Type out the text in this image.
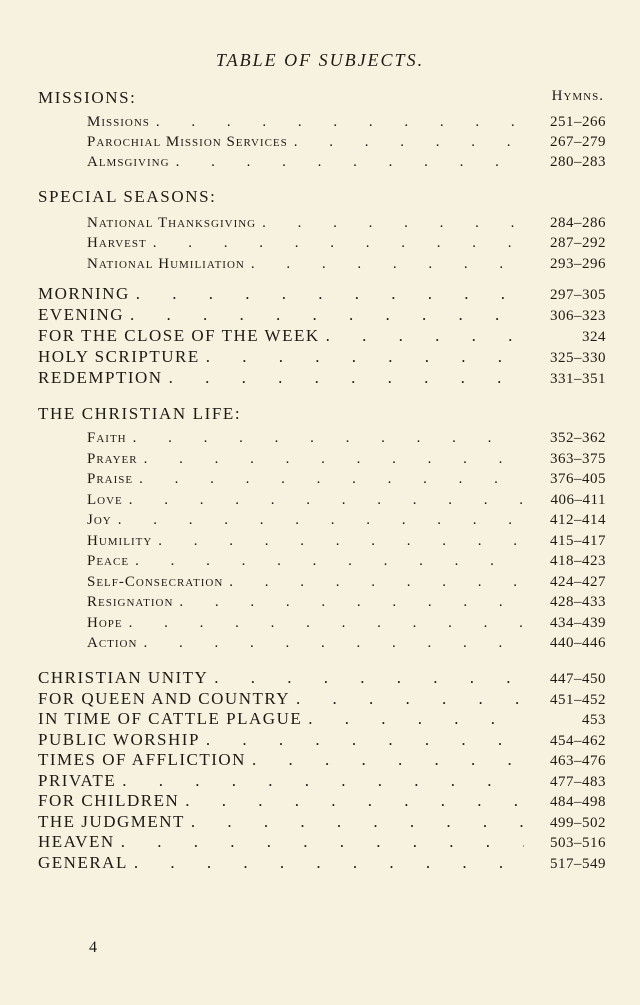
TABLE OF SUBJECTS.
Hymns.
MISSIONS:
Missions . . .	251–266
Parochial Mission Services . . .	267–279
Almsgiving . . .	280–283
SPECIAL SEASONS:
National Thanksgiving . . .	284–286
Harvest . . .	287–292
National Humiliation . . .	293–296
MORNING . . .	297–305
EVENING . . .	306–323
FOR THE CLOSE OF THE WEEK . . .	324
HOLY SCRIPTURE . . .	325–330
REDEMPTION . . .	331–351
THE CHRISTIAN LIFE:
Faith . . .	352–362
Prayer . . .	363–375
Praise . . .	376–405
Love . . .	406–411
Joy . . .	412–414
Humility . . .	415–417
Peace . . .	418–423
Self-Consecration . . .	424–427
Resignation . . .	428–433
Hope . . .	434–439
Action . . .	440–446
CHRISTIAN UNITY . . .	447–450
FOR QUEEN AND COUNTRY . . .	451–452
IN TIME OF CATTLE PLAGUE . . .	453
PUBLIC WORSHIP . . .	454–462
TIMES OF AFFLICTION . . .	463–476
PRIVATE . . .	477–483
FOR CHILDREN . . .	484–498
THE JUDGMENT . . .	499–502
HEAVEN . . .	503–516
GENERAL . . .	517–549
4
